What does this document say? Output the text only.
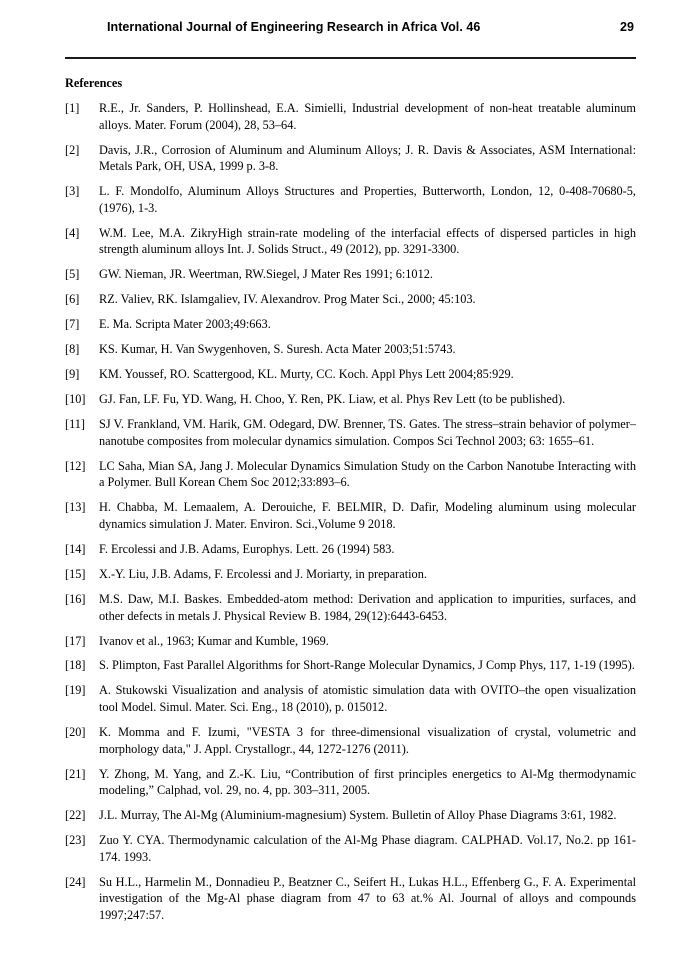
International Journal of Engineering Research in Africa Vol. 46	29
References
[1]	R.E., Jr. Sanders, P. Hollinshead, E.A. Simielli, Industrial development of non-heat treatable aluminum alloys. Mater. Forum (2004), 28, 53–64.
[2]	Davis, J.R., Corrosion of Aluminum and Aluminum Alloys; J. R. Davis & Associates, ASM International: Metals Park, OH, USA, 1999 p. 3-8.
[3]	L. F. Mondolfo, Aluminum Alloys Structures and Properties, Butterworth, London, 12, 0-408-70680-5, (1976), 1-3.
[4]	W.M. Lee, M.A. ZikryHigh strain-rate modeling of the interfacial effects of dispersed particles in high strength aluminum alloys Int. J. Solids Struct., 49 (2012), pp. 3291-3300.
[5]	GW. Nieman, JR. Weertman, RW.Siegel, J Mater Res 1991; 6:1012.
[6]	RZ. Valiev, RK. Islamgaliev, IV. Alexandrov. Prog Mater Sci., 2000; 45:103.
[7]	E. Ma. Scripta Mater 2003;49:663.
[8]	KS. Kumar, H. Van Swygenhoven, S. Suresh. Acta Mater 2003;51:5743.
[9]	KM. Youssef, RO. Scattergood, KL. Murty, CC. Koch. Appl Phys Lett 2004;85:929.
[10]	GJ. Fan, LF. Fu, YD. Wang, H. Choo, Y. Ren, PK. Liaw, et al. Phys Rev Lett (to be published).
[11]	SJ V. Frankland, VM. Harik, GM. Odegard, DW. Brenner, TS. Gates. The stress–strain behavior of polymer– nanotube composites from molecular dynamics simulation. Compos Sci Technol 2003; 63: 1655–61.
[12]	LC Saha, Mian SA, Jang J. Molecular Dynamics Simulation Study on the Carbon Nanotube Interacting with a Polymer. Bull Korean Chem Soc 2012;33:893–6.
[13]	H. Chabba, M. Lemaalem, A. Derouiche, F. BELMIR, D. Dafir, Modeling aluminum using molecular dynamics simulation J. Mater. Environ. Sci.,Volume 9 2018.
[14]	F. Ercolessi and J.B. Adams, Europhys. Lett. 26 (1994) 583.
[15]	X.-Y. Liu, J.B. Adams, F. Ercolessi and J. Moriarty, in preparation.
[16]	M.S. Daw, M.I. Baskes. Embedded-atom method: Derivation and application to impurities, surfaces, and other defects in metals J. Physical Review B. 1984, 29(12):6443-6453.
[17]	Ivanov et al., 1963; Kumar and Kumble, 1969.
[18]	S. Plimpton, Fast Parallel Algorithms for Short-Range Molecular Dynamics, J Comp Phys, 117, 1-19 (1995).
[19]	A. Stukowski Visualization and analysis of atomistic simulation data with OVITO–the open visualization tool Model. Simul. Mater. Sci. Eng., 18 (2010), p. 015012.
[20]	K. Momma and F. Izumi, "VESTA 3 for three-dimensional visualization of crystal, volumetric and morphology data," J. Appl. Crystallogr., 44, 1272-1276 (2011).
[21]	Y. Zhong, M. Yang, and Z.-K. Liu, “Contribution of first principles energetics to Al-Mg thermodynamic modeling,” Calphad, vol. 29, no. 4, pp. 303–311, 2005.
[22]	J.L. Murray, The Al-Mg (Aluminium-magnesium) System. Bulletin of Alloy Phase Diagrams 3:61, 1982.
[23]	Zuo Y. CYA. Thermodynamic calculation of the Al-Mg Phase diagram. CALPHAD. Vol.17, No.2. pp 161-174. 1993.
[24]	Su H.L., Harmelin M., Donnadieu P., Beatzner C., Seifert H., Lukas H.L., Effenberg G., F. A. Experimental investigation of the Mg-Al phase diagram from 47 to 63 at.% Al. Journal of alloys and compounds 1997;247:57.
